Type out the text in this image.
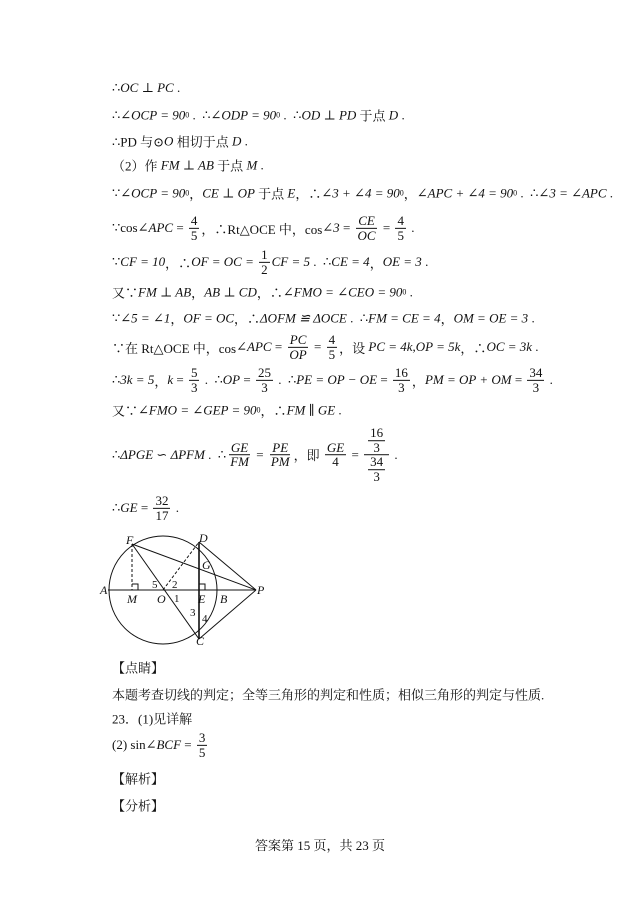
∴ OC ⊥ PC .
∴ ∠OCP = 90 0 .  ∴ ∠ODP = 90 0 .  ∴ OD ⊥ PD 于点 D .
∴PD 与⊙ O 相切于点 D .
（2）作 FM ⊥ AB 于点 M .
∵ ∠OCP = 90 0 ， CE ⊥ OP 于点 E ，∴ ∠3 + ∠4 = 90 0 ， ∠APC + ∠4 = 90 0 .  ∴ ∠3 = ∠APC .
∵cos ∠APC = $\frac{4}{5}$ ，∴Rt△OCE 中，cos ∠3 = $\frac{CE}{OC} = \frac{4}{5}$ .
∵ CF = 10 ，∴ OF = OC = $\frac{1}{2}$ CF = 5 .  ∴ CE = 4 ， OE = 3 .
又∵ FM ⊥ AB ， AB ⊥ CD ，∴ ∠FMO = ∠CEO = 90 0 .
∵ ∠5 = ∠1 ， OF = OC ，∴ ΔOFM ≌ ΔOCE .  ∴ FM = CE = 4 ， OM = OE = 3 .
∵在 Rt△OCE 中，cos ∠APC = $\frac{PC}{OP} = \frac{4}{5}$ ，设 PC = 4k,OP = 5k ，∴ OC = 3k .
∴ 3k = 5 ， $k = \frac{5}{3}$ .  ∴ OP = $\frac{25}{3}$ .  ∴ PE = OP − OE = $\frac{16}{3}$ ， PM = OP + OM = $\frac{34}{3}$ .
又∵ ∠FMO = ∠GEP = 90 0 ，∴ FM ∥ GE .
∴ ΔPGE ∽ ΔPFM .  ∴ $\frac{GE}{FM} = \frac{PE}{PM}$ ，即 $\frac{GE}{4} = \frac{\frac{16}{3}}{\frac{34}{3}}$ .
∴ GE = $\frac{32}{17}$ .
【点睛】
本题考查切线的判定；全等三角形的判定和性质；相似三角形的判定与性质.
23．(1)见详解
(2) sin ∠BCF = $\frac{3}{5}$
【解析】
【分析】
F	D
G
A
M O	E B
P
C
5 2
1
3 4
答案第 15 页，共 23 页
